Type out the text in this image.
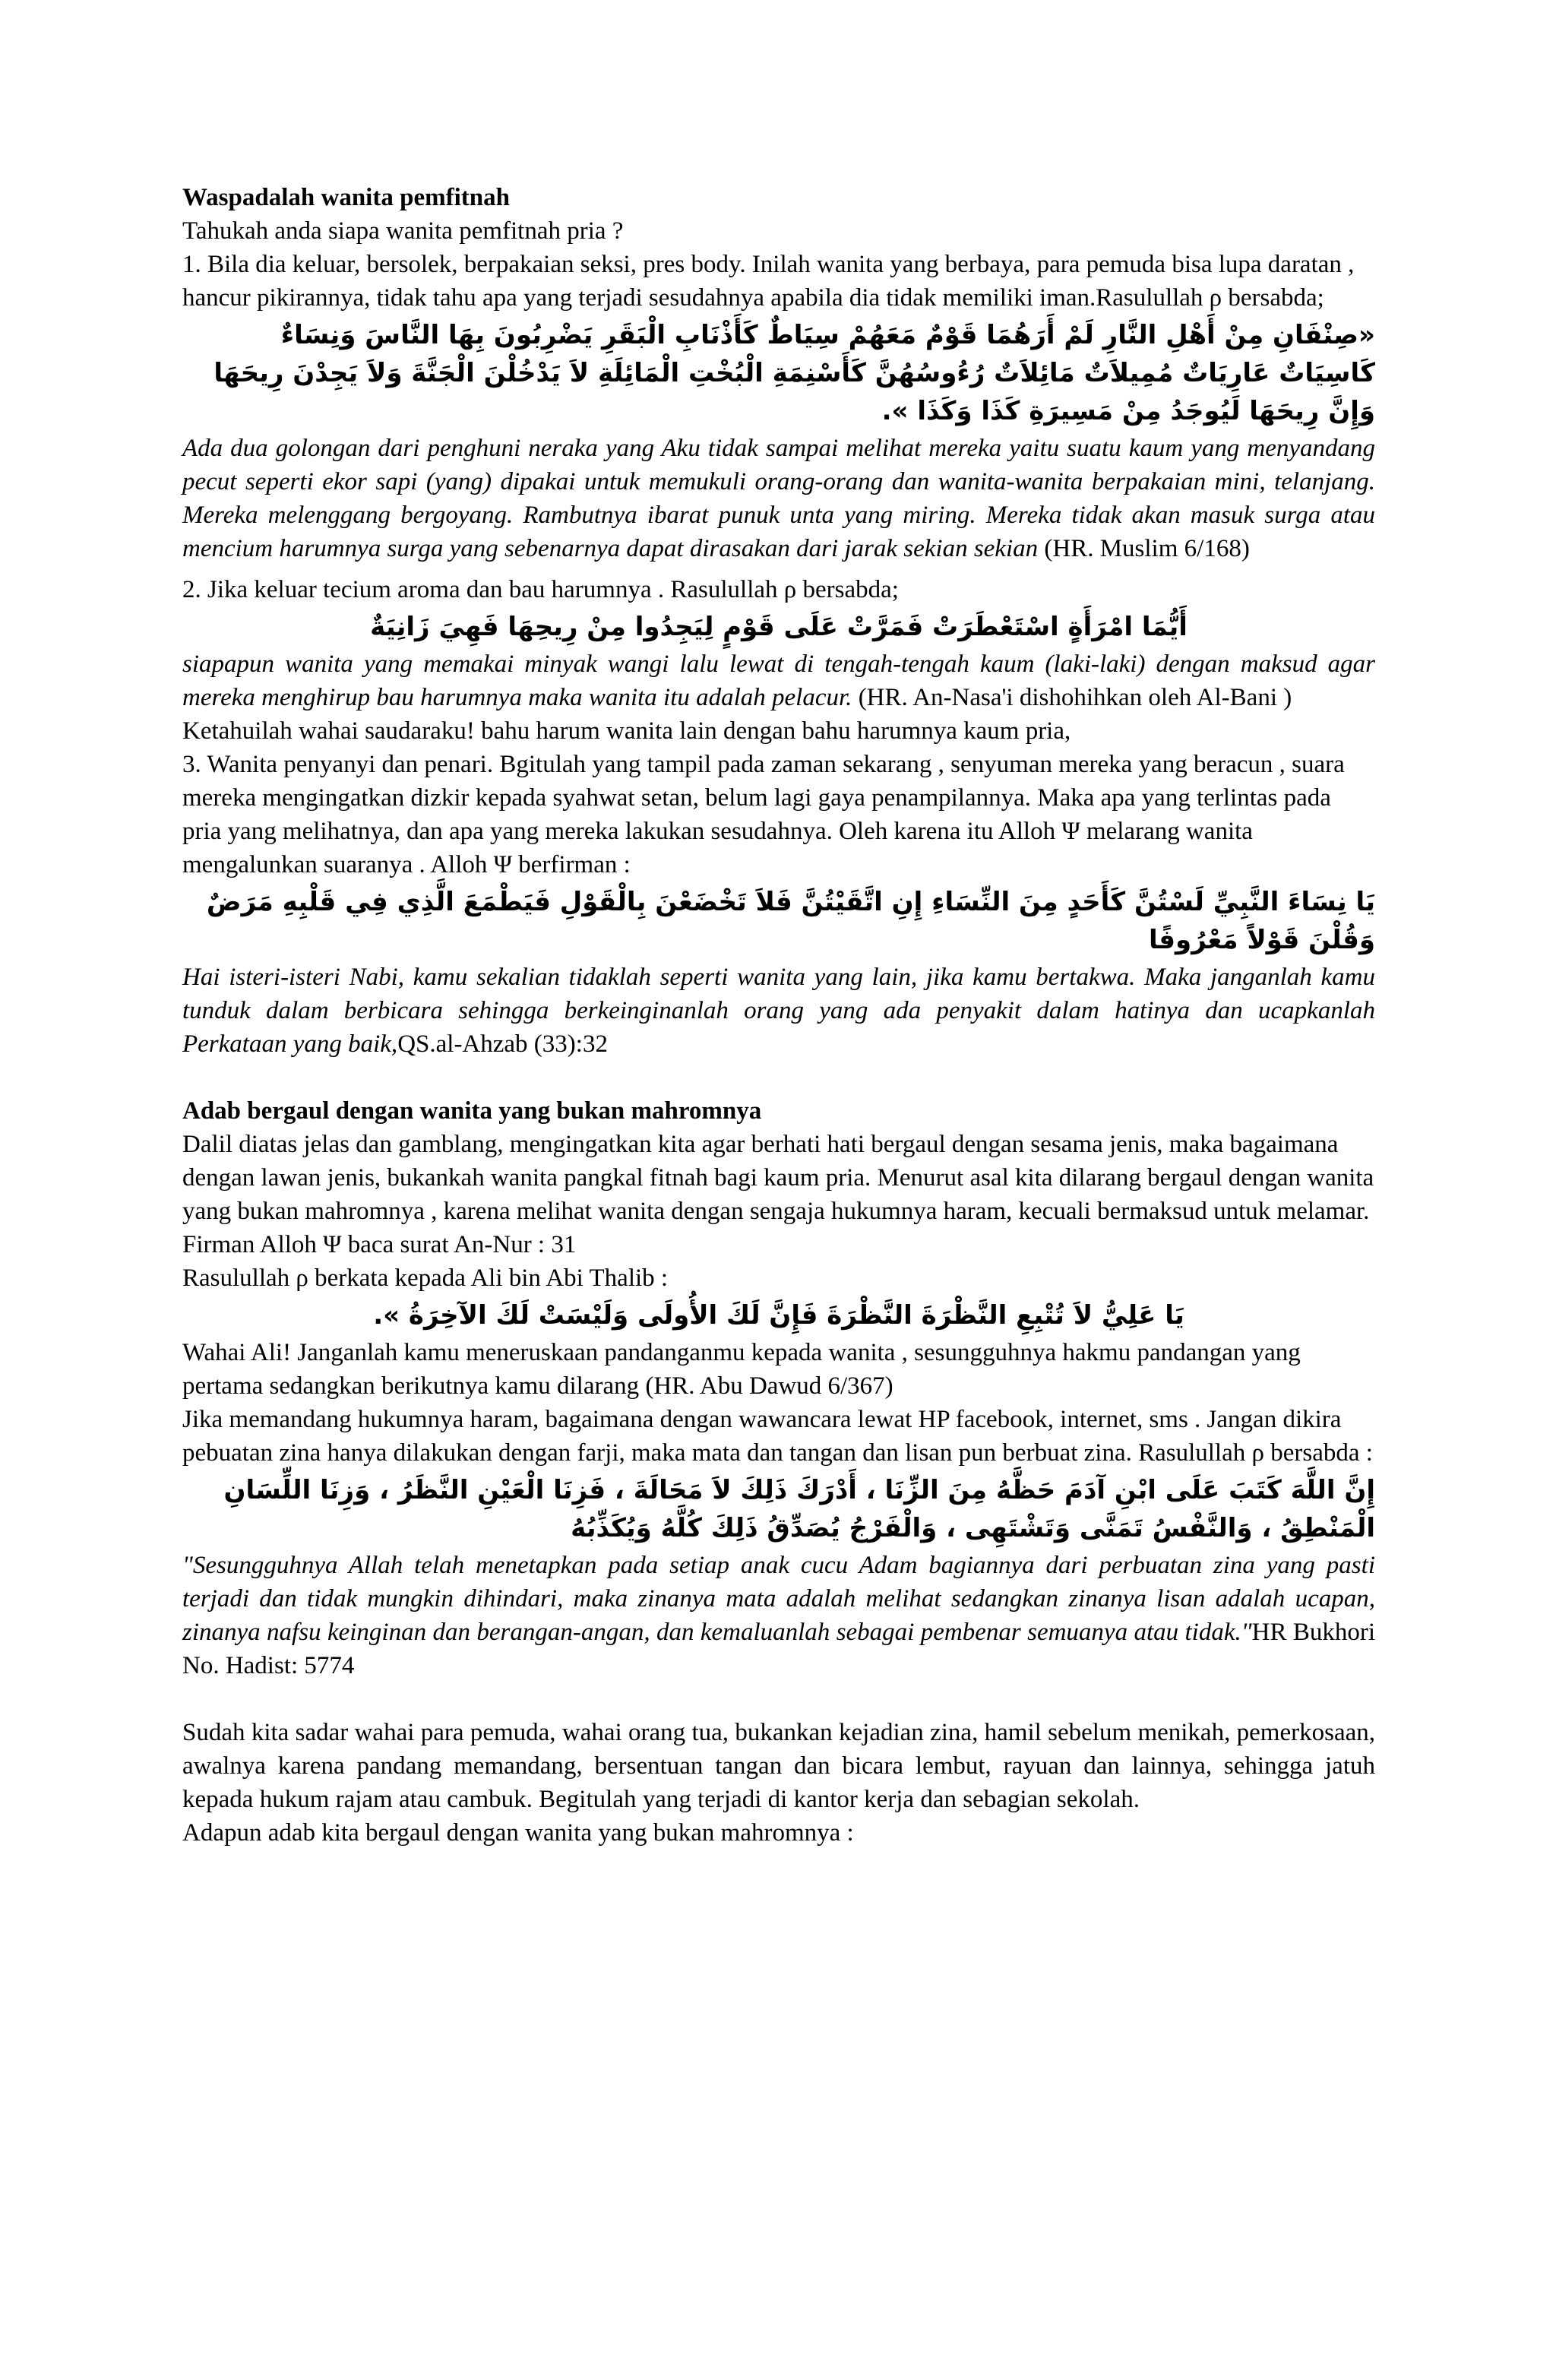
Waspadalah wanita pemfitnah

Tahukah anda siapa wanita pemfitnah pria ?

1. Bila dia keluar, bersolek, berpakaian seksi, pres body. Inilah wanita yang berbaya, para pemuda bisa lupa daratan , hancur pikirannya, tidak tahu apa yang terjadi sesudahnya apabila dia tidak memiliki iman.Rasulullah ρ bersabda;

«صِنْفَانِ مِنْ أَهْلِ النَّارِ لَمْ أَرَهُمَا قَوْمٌ مَعَهُمْ سِيَاطٌ كَأَذْنَابِ الْبَقَرِ يَضْرِبُونَ بِهَا النَّاسَ وَنِسَاءٌ كَاسِيَاتٌ عَارِيَاتٌ مُمِيلاَتٌ مَائِلاَتٌ رُءُوسُهُنَّ كَأَسْنِمَةِ الْبُخْتِ الْمَائِلَةِ لاَ يَدْخُلْنَ الْجَنَّةَ وَلاَ يَجِدْنَ رِيحَهَا وَإِنَّ رِيحَهَا لَيُوجَدُ مِنْ مَسِيرَةِ كَذَا وَكَذَا ».

Ada dua golongan dari penghuni neraka yang Aku tidak sampai melihat mereka yaitu suatu kaum yang menyandang pecut seperti ekor sapi (yang) dipakai untuk memukuli orang-orang dan wanita-wanita berpakaian mini, telanjang. Mereka melenggang bergoyang. Rambutnya ibarat punuk unta yang miring. Mereka tidak akan masuk surga atau mencium harumnya surga yang sebenarnya dapat dirasakan dari jarak sekian sekian (HR. Muslim 6/168)

2. Jika keluar tecium aroma dan bau harumnya . Rasulullah ρ bersabda;

أَيُّمَا امْرَأَةٍ اسْتَعْطَرَتْ فَمَرَّتْ عَلَى قَوْمٍ لِيَجِدُوا مِنْ رِيحِهَا فَهِيَ زَانِيَةٌ

siapapun wanita yang memakai minyak wangi lalu lewat di tengah-tengah kaum (laki-laki) dengan maksud agar mereka menghirup bau harumnya maka wanita itu adalah pelacur. (HR. An-Nasa'i dishohihkan oleh Al-Bani )

Ketahuilah wahai saudaraku! bahu harum wanita lain dengan bahu harumnya kaum pria,

3. Wanita penyanyi dan penari. Bgitulah yang tampil pada zaman sekarang , senyuman mereka yang beracun , suara mereka mengingatkan dizkir kepada syahwat setan, belum lagi gaya penampilannya. Maka apa yang terlintas pada pria yang melihatnya, dan apa yang mereka lakukan sesudahnya. Oleh karena itu Alloh Ψ melarang wanita mengalunkan suaranya . Alloh Ψ berfirman :

يَا نِسَاءَ النَّبِيِّ لَسْتُنَّ كَأَحَدٍ مِنَ النِّسَاءِ إِنِ اتَّقَيْتُنَّ فَلاَ تَخْضَعْنَ بِالْقَوْلِ فَيَطْمَعَ الَّذِي فِي قَلْبِهِ مَرَضٌ وَقُلْنَ قَوْلاً مَعْرُوفًا

Hai isteri-isteri Nabi, kamu sekalian tidaklah seperti wanita yang lain, jika kamu bertakwa. Maka janganlah kamu tunduk dalam berbicara sehingga berkeinginanlah orang yang ada penyakit dalam hatinya dan ucapkanlah Perkataan yang baik,QS.al-Ahzab (33):32

Adab bergaul dengan wanita yang bukan mahromnya

Dalil diatas jelas dan gamblang, mengingatkan kita agar berhati hati bergaul dengan sesama jenis, maka bagaimana dengan lawan jenis, bukankah wanita pangkal fitnah bagi kaum pria. Menurut asal kita dilarang bergaul dengan wanita yang bukan mahromnya , karena melihat wanita dengan sengaja hukumnya haram, kecuali bermaksud untuk melamar. Firman Alloh Ψ baca surat An-Nur : 31

Rasulullah ρ berkata kepada Ali bin Abi Thalib :

يَا عَلِيُّ لاَ تُتْبِعِ النَّظْرَةَ النَّظْرَةَ فَإِنَّ لَكَ الأُولَى وَلَيْسَتْ لَكَ الآخِرَةُ ».

Wahai Ali! Janganlah kamu meneruskaan pandanganmu kepada wanita , sesungguhnya hakmu pandangan yang pertama sedangkan berikutnya kamu dilarang (HR. Abu Dawud 6/367)

Jika memandang hukumnya haram, bagaimana dengan wawancara lewat HP facebook, internet, sms . Jangan dikira pebuatan zina hanya dilakukan dengan farji, maka mata dan tangan dan lisan pun berbuat zina. Rasulullah ρ bersabda :

إِنَّ اللَّهَ كَتَبَ عَلَى ابْنِ آدَمَ حَظَّهُ مِنَ الزِّنَا ، أَدْرَكَ ذَلِكَ لاَ مَحَالَةَ ، فَزِنَا الْعَيْنِ النَّظَرُ ، وَزِنَا اللِّسَانِ الْمَنْطِقُ ، وَالنَّفْسُ تَمَنَّى وَتَشْتَهِى ، وَالْفَرْجُ يُصَدِّقُ ذَلِكَ كُلَّهُ وَيُكَذِّبُهُ

"Sesungguhnya Allah telah menetapkan pada setiap anak cucu Adam bagiannya dari perbuatan zina yang pasti terjadi dan tidak mungkin dihindari, maka zinanya mata adalah melihat sedangkan zinanya lisan adalah ucapan, zinanya nafsu keinginan dan berangan-angan, dan kemaluanlah sebagai pembenar semuanya atau tidak."HR Bukhori No. Hadist: 5774

Sudah kita sadar wahai para pemuda, wahai orang tua, bukankan kejadian zina, hamil sebelum menikah, pemerkosaan, awalnya karena pandang memandang, bersentuan tangan dan bicara lembut, rayuan dan lainnya, sehingga jatuh kepada hukum rajam atau cambuk. Begitulah yang terjadi di kantor kerja dan sebagian sekolah.

Adapun adab kita bergaul dengan wanita yang bukan mahromnya :
